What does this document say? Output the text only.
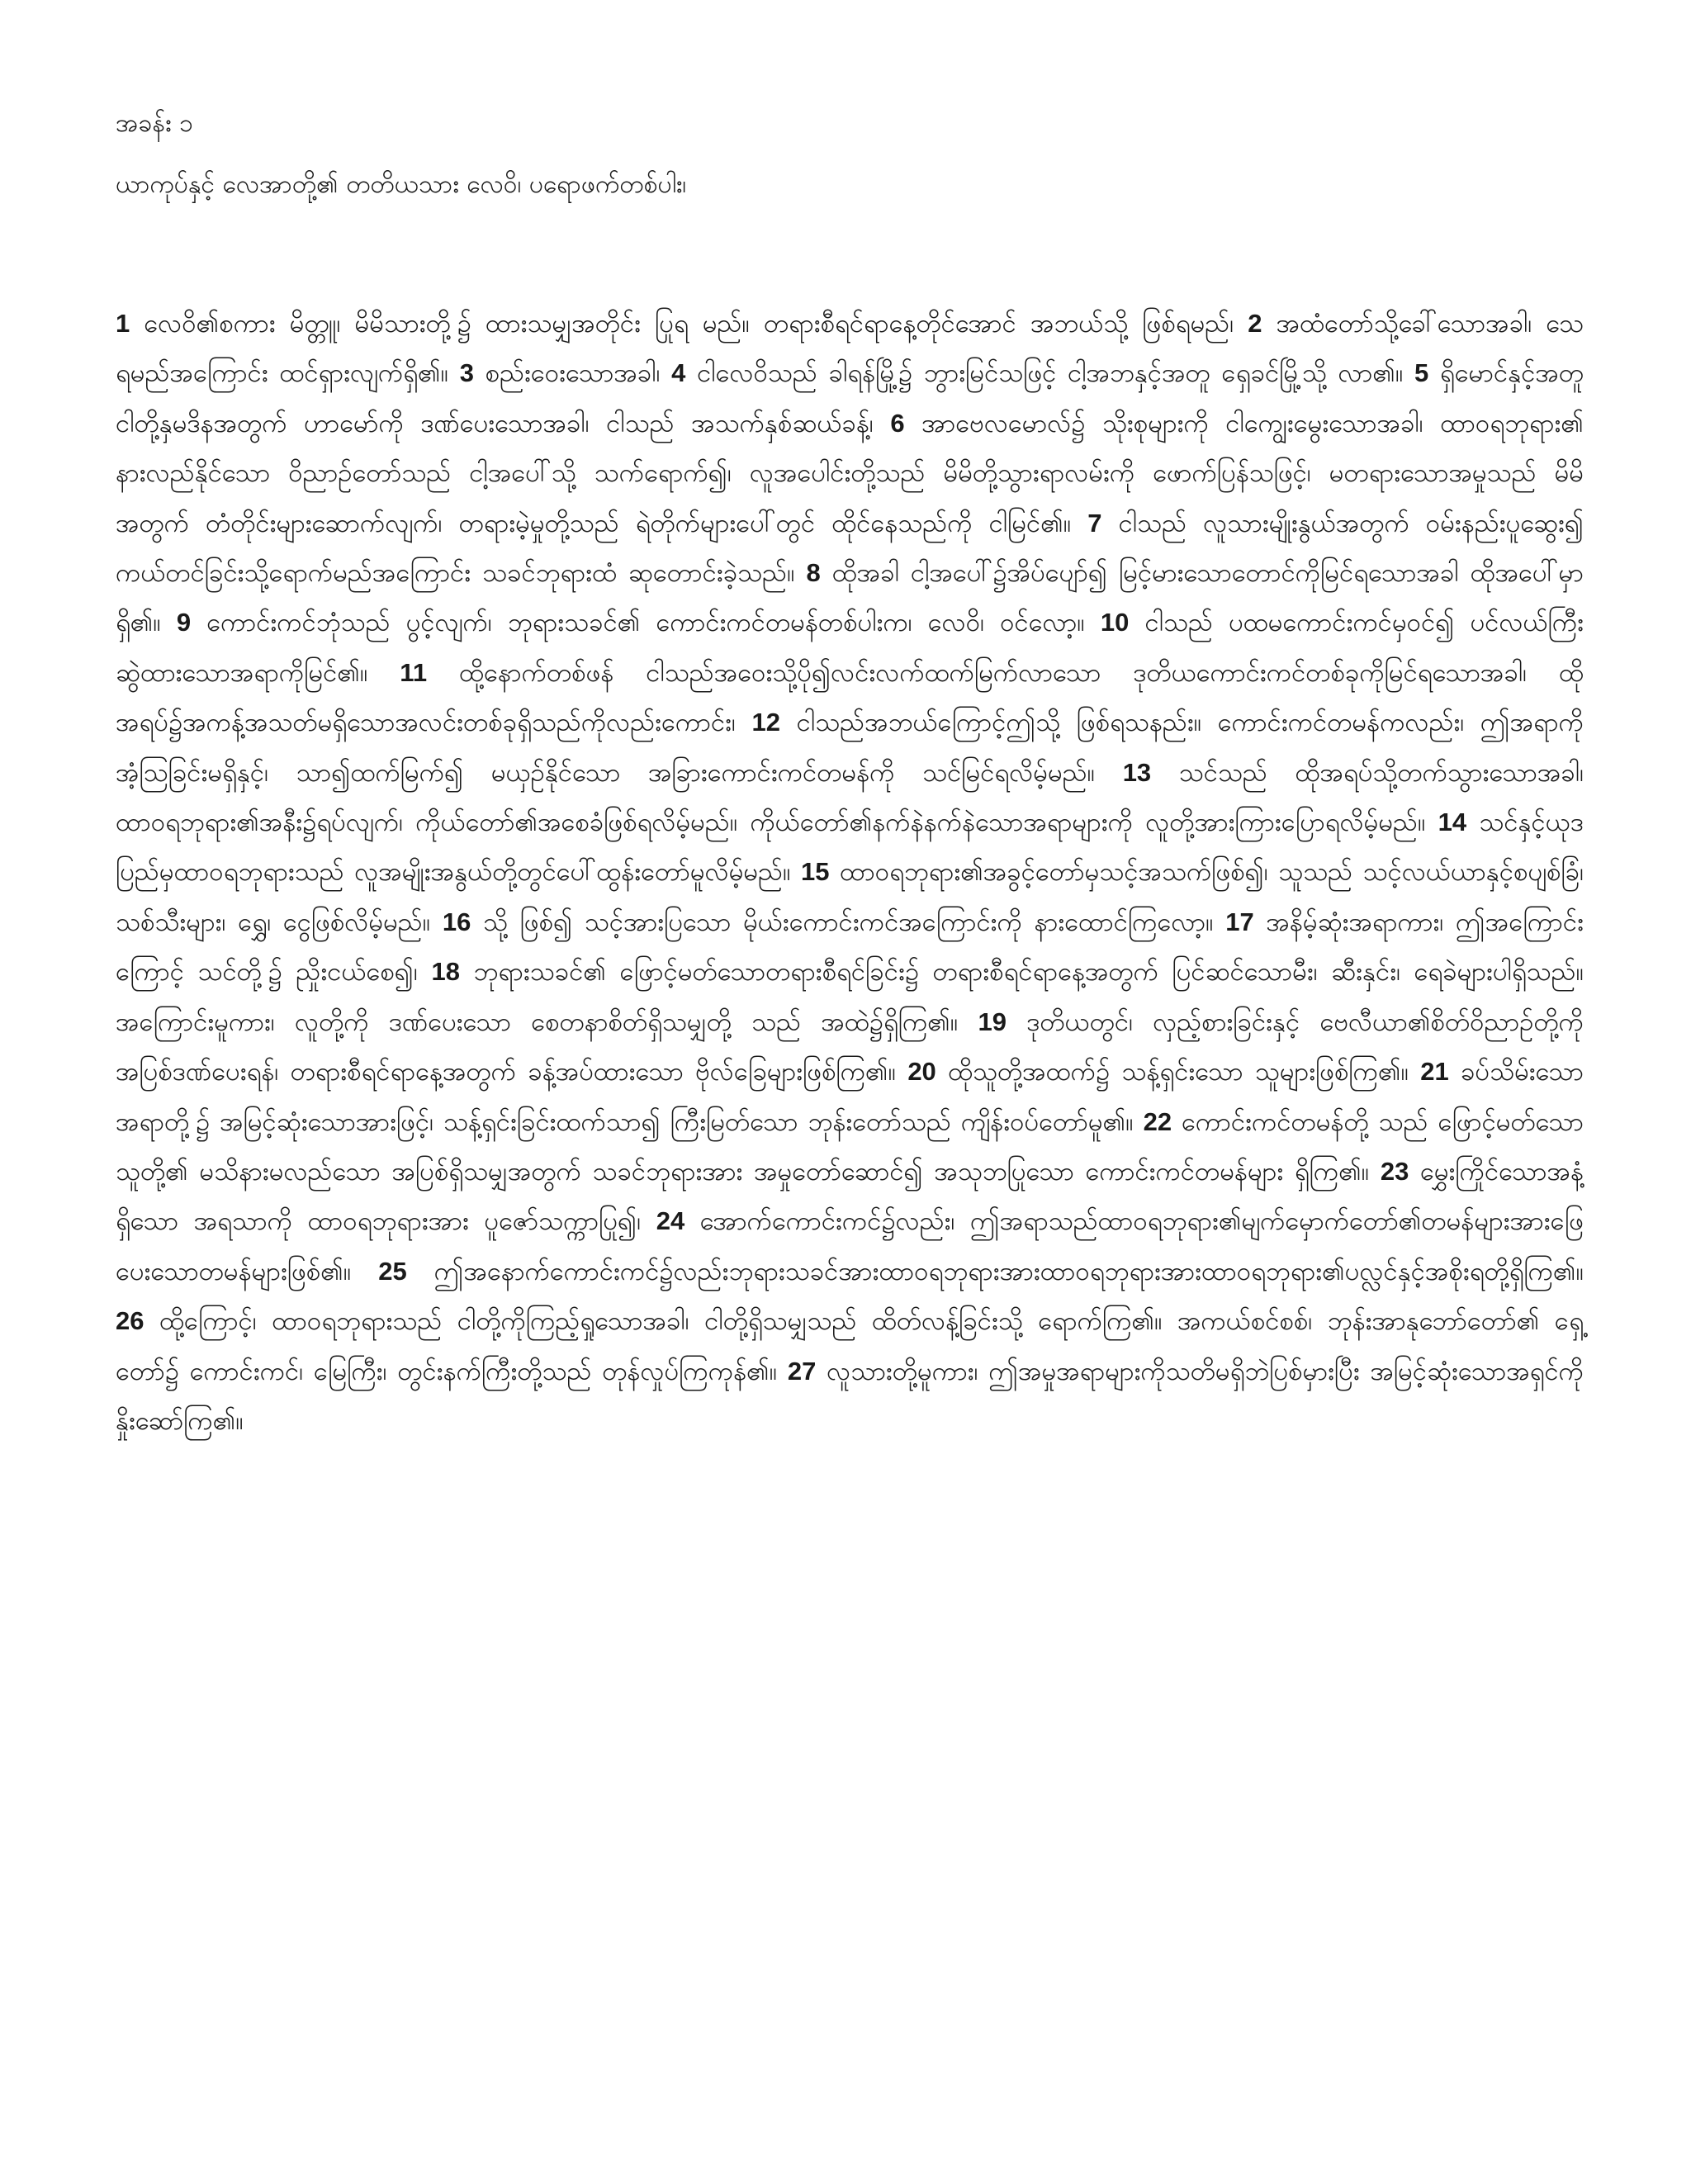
အခန်း ၁
ယာကုပ်နှင့် လေအာတို့၏ တတိယသား လေဝိ၊ ပရောဖက်တစ်ပါး၊

1 လေဝိ၏စကား မိတ္တူ၊ မိမိသားတို့၌ ထားသမျှအတိုင်း ပြုရ မည်။ တရားစီရင်ရာနေ့တိုင်အောင် အဘယ်သို့ ဖြစ်ရမည်၊ 2 အထံတော်သို့ခေါ်သောအခါ၊ သေရမည်အကြောင်း ထင်ရှားလျက်ရှိ၏။ 3 စည်းဝေးသောအခါ၊ 4 ငါလေဝိသည် ခါရန်မြို့၌ ဘွားမြင်သဖြင့် ငါ့အဘနှင့်အတူ ရှေခင်မြို့သို့ လာ၏။ 5 ရှိမောင်နှင့်အတူ ငါတို့နှမဒိနအတွက် ဟာမော်ကို ဒဏ်ပေးသောအခါ၊ ငါသည် အသက်နှစ်ဆယ်ခန့်၊ 6 အာဗေလမောလ်၌ သိုးစုများကို ငါကျွေးမွေးသောအခါ၊ ထာဝရဘုရား၏ နားလည်နိုင်သော ဝိညာဉ်တော်သည် ငါ့အပေါ်သို့ သက်ရောက်၍၊ လူအပေါင်းတို့သည် မိမိတို့သွားရာလမ်းကို ဖောက်ပြန်သဖြင့်၊ မတရားသောအမှုသည် မိမိအတွက် တံတိုင်းများဆောက်လျက်၊ တရားမဲ့မှုတို့သည် ရဲတိုက်များပေါ်တွင် ထိုင်နေသည်ကို ငါမြင်၏။ 7 ငါသည် လူသားမျိုးနွယ်အတွက် ဝမ်းနည်းပူဆွေး၍ ကယ်တင်ခြင်းသို့ရောက်မည်အကြောင်း သခင်ဘုရားထံ ဆုတောင်းခဲ့သည်။ 8 ထိုအခါ ငါ့အပေါ်၌အိပ်ပျော်၍ မြင့်မားသောတောင်ကိုမြင်ရသောအခါ ထိုအပေါ်မှာရှိ၏။ 9 ကောင်းကင်ဘုံသည် ပွင့်လျက်၊ ဘုရားသခင်၏ ကောင်းကင်တမန်တစ်ပါးက၊ လေဝိ၊ ဝင်လော့။ 10 ငါသည် ပထမကောင်းကင်မှဝင်၍ ပင်လယ်ကြီးဆွဲထားသောအရာကိုမြင်၏။ 11 ထို့နောက်တစ်ဖန် ငါသည်အဝေးသို့ပို၍လင်းလက်ထက်မြက်လာသော ဒုတိယကောင်းကင်တစ်ခုကိုမြင်ရသောအခါ၊ ထိုအရပ်၌အကန့်အသတ်မရှိသောအလင်းတစ်ခုရှိသည်ကိုလည်းကောင်း၊ 12 ငါသည်အဘယ်ကြောင့်ဤသို့ ဖြစ်ရသနည်း။ ကောင်းကင်တမန်ကလည်း၊ ဤအရာကို အံ့သြခြင်းမရှိနှင့်၊ သာ၍ထက်မြက်၍ မယှဉ်နိုင်သော အခြားကောင်းကင်တမန်ကို သင်မြင်ရလိမ့်မည်။ 13 သင်သည် ထိုအရပ်သို့တက်သွားသောအခါ၊ ထာဝရဘုရား၏အနီး၌ရပ်လျက်၊ ကိုယ်တော်၏အစေခံဖြစ်ရလိမ့်မည်။ ကိုယ်တော်၏နက်နဲနက်နဲသောအရာများကို လူတို့အားကြားပြောရလိမ့်မည်။ 14 သင်နှင့်ယုဒပြည်မှထာဝရဘုရားသည် လူအမျိုးအနွယ်တို့တွင်ပေါ်ထွန်းတော်မူလိမ့်မည်။ 15 ထာဝရဘုရား၏အခွင့်တော်မှသင့်အသက်ဖြစ်၍၊ သူသည် သင့်လယ်ယာနှင့်စပျစ်ခြံ၊ သစ်သီးများ၊ ရွှေ၊ ငွေဖြစ်လိမ့်မည်။ 16 သို့ ဖြစ်၍ သင့်အားပြသော မိုယ်းကောင်းကင်အကြောင်းကို နားထောင်ကြလော့။ 17 အနိမ့်ဆုံးအရာကား၊ ဤအကြောင်းကြောင့် သင်တို့၌ ညှိုးငယ်စေ၍၊ 18 ဘုရားသခင်၏ ဖြောင့်မတ်သောတရားစီရင်ခြင်း၌ တရားစီရင်ရာနေ့အတွက် ပြင်ဆင်သောမီး၊ ဆီးနှင်း၊ ရေခဲများပါရှိသည်။ အကြောင်းမူကား၊ လူတို့ကို ဒဏ်ပေးသော စေတနာစိတ်ရှိသမျှတို့ သည် အထဲ၌ရှိကြ၏။ 19 ဒုတိယတွင်၊ လှည့်စားခြင်းနှင့် ဗေလီယာ၏စိတ်ဝိညာဉ်တို့ကို အပြစ်ဒဏ်ပေးရန်၊ တရားစီရင်ရာနေ့အတွက် ခန့်အပ်ထားသော ဗိုလ်ခြေများဖြစ်ကြ၏။ 20 ထိုသူတို့အထက်၌ သန့်ရှင်းသော သူများဖြစ်ကြ၏။ 21 ခပ်သိမ်းသောအရာတို့၌ အမြင့်ဆုံးသောအားဖြင့်၊ သန့်ရှင်းခြင်းထက်သာ၍ ကြီးမြတ်သော ဘုန်းတော်သည် ကျိန်းဝပ်တော်မူ၏။ 22 ကောင်းကင်တမန်တို့ သည် ဖြောင့်မတ်သော သူတို့၏ မသိနားမလည်သော အပြစ်ရှိသမျှအတွက် သခင်ဘုရားအား အမှုတော်ဆောင်၍ အသုဘပြုသော ကောင်းကင်တမန်များ ရှိကြ၏။ 23 မွှေးကြိုင်သောအနံ့ရှိသော အရသာကို ထာဝရဘုရားအား ပူဇော်သက္ကာပြု၍၊ 24 အောက်ကောင်းကင်၌လည်း၊ ဤအရာသည်ထာဝရဘုရား၏မျက်မှောက်တော်၏တမန်များအားဖြေပေးသောတမန်များဖြစ်၏။ 25 ဤအနောက်ကောင်းကင်၌လည်းဘုရားသခင်အားထာဝရဘုရားအားထာဝရဘုရားအားထာဝရဘုရား၏ပလ္လင်နှင့်အစိုးရတို့ရှိကြ၏။ 26 ထို့ကြောင့်၊ ထာဝရဘုရားသည် ငါတို့ကိုကြည့်ရှုသောအခါ၊ ငါတို့ရှိသမျှသည် ထိတ်လန့်ခြင်းသို့ ရောက်ကြ၏။ အကယ်စင်စစ်၊ ဘုန်းအာနုဘော်တော်၏ ရှေ့တော်၌ ကောင်းကင်၊ မြေကြီး၊ တွင်းနက်ကြီးတို့သည် တုန်လှုပ်ကြကုန်၏။ 27 လူသားတို့မူကား၊ ဤအမှုအရာများကိုသတိမရှိဘဲပြစ်မှားပြီး အမြင့်ဆုံးသောအရှင်ကိုနှိုးဆော်ကြ၏။
